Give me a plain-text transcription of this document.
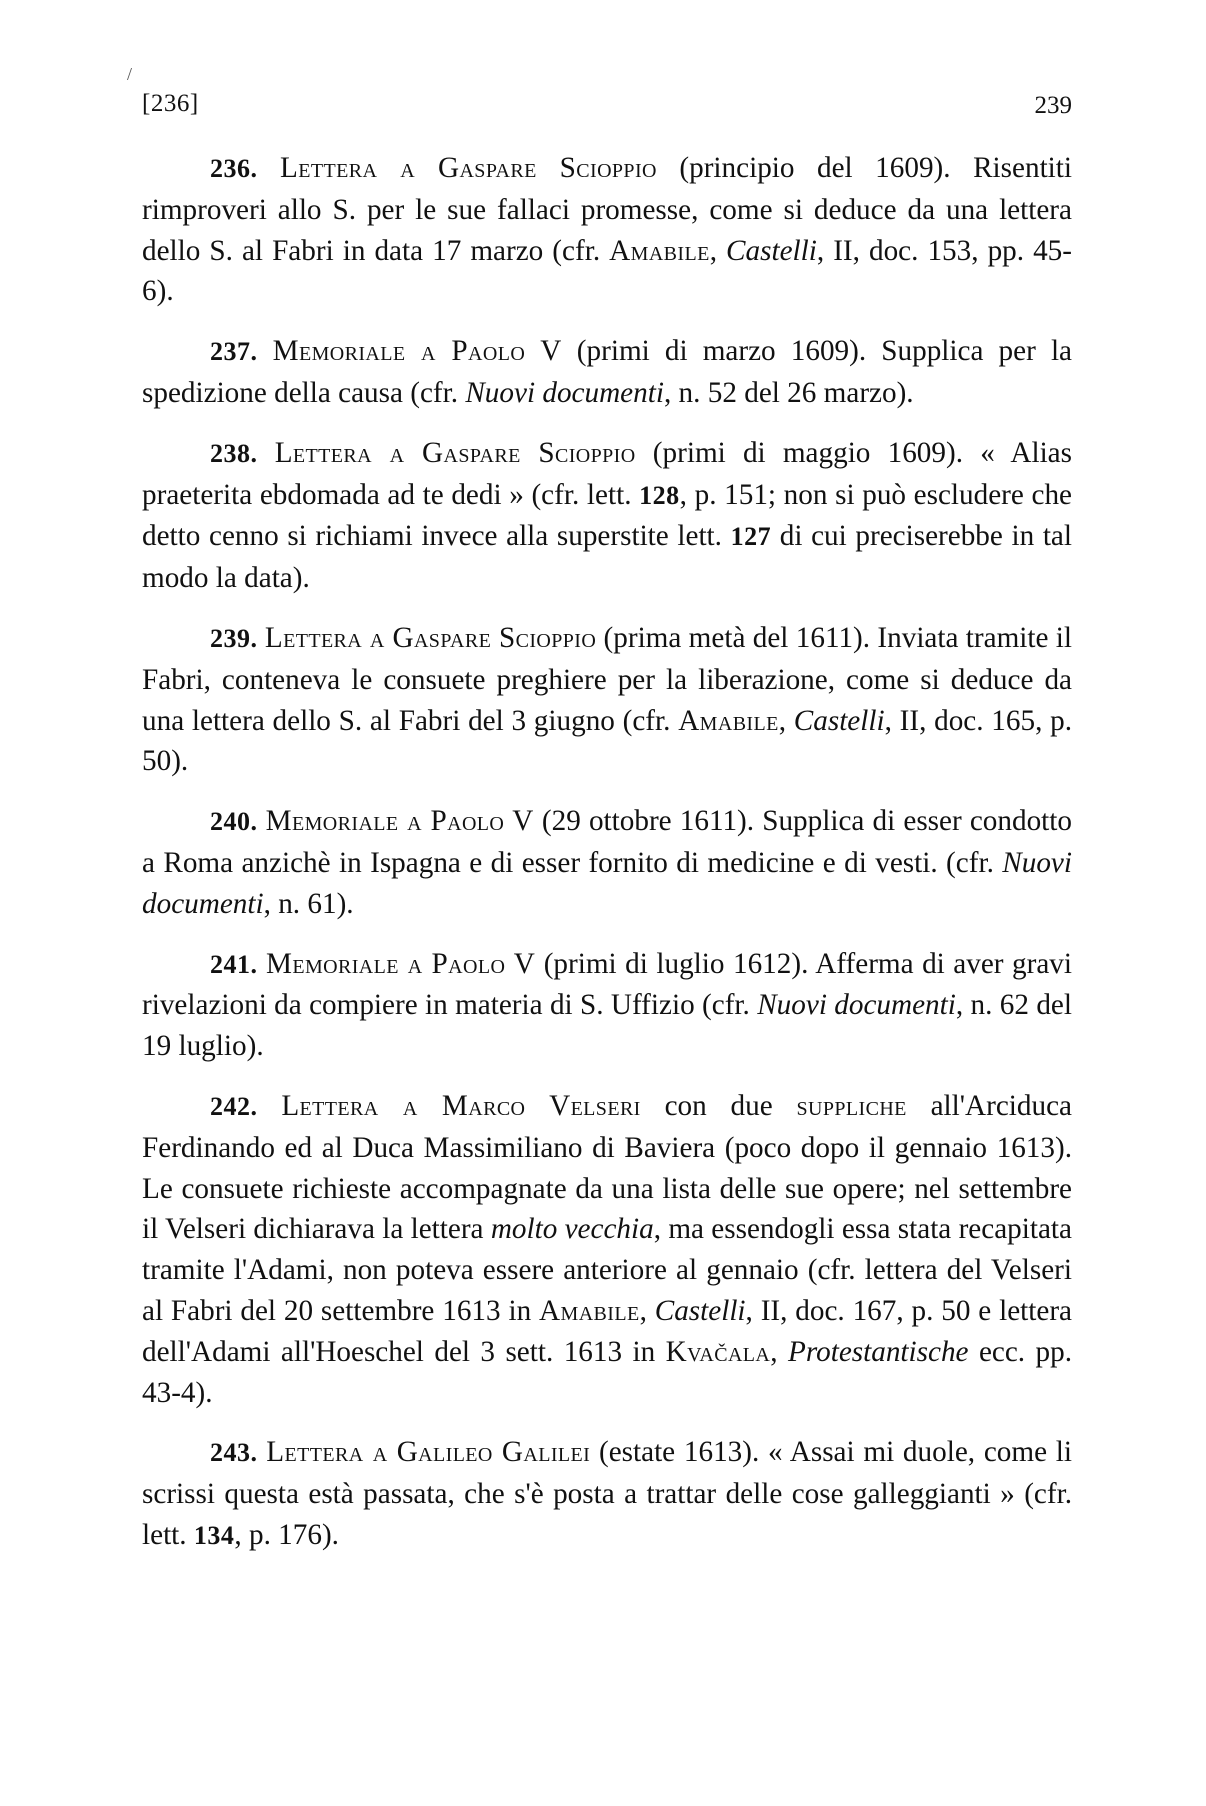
/
[236]	239

236. Lettera a Gaspare Scioppio (principio del 1609). Risentiti rimproveri allo S. per le sue fallaci promesse, come si deduce da una lettera dello S. al Fabri in data 17 marzo (cfr. Amabile, Castelli, II, doc. 153, pp. 45-6).

237. Memoriale a Paolo V (primi di marzo 1609). Supplica per la spedizione della causa (cfr. Nuovi documenti, n. 52 del 26 marzo).

238. Lettera a Gaspare Scioppio (primi di maggio 1609). « Alias praeterita ebdomada ad te dedi » (cfr. lett. 128, p. 151; non si può escludere che detto cenno si richiami invece alla superstite lett. 127 di cui preciserebbe in tal modo la data).

239. Lettera a Gaspare Scioppio (prima metà del 1611). Inviata tramite il Fabri, conteneva le consuete preghiere per la liberazione, come si deduce da una lettera dello S. al Fabri del 3 giugno (cfr. Amabile, Castelli, II, doc. 165, p. 50).

240. Memoriale a Paolo V (29 ottobre 1611). Supplica di esser condotto a Roma anzichè in Ispagna e di esser fornito di medicine e di vesti. (cfr. Nuovi documenti, n. 61).

241. Memoriale a Paolo V (primi di luglio 1612). Afferma di aver gravi rivelazioni da compiere in materia di S. Uffizio (cfr. Nuovi documenti, n. 62 del 19 luglio).

242. Lettera a Marco Velseri con due suppliche all'Arciduca Ferdinando ed al Duca Massimiliano di Baviera (poco dopo il gennaio 1613). Le consuete richieste accompagnate da una lista delle sue opere; nel settembre il Velseri dichiarava la lettera molto vecchia, ma essendogli essa stata recapitata tramite l'Adami, non poteva essere anteriore al gennaio (cfr. lettera del Velseri al Fabri del 20 settembre 1613 in Amabile, Castelli, II, doc. 167, p. 50 e lettera dell'Adami all'Hoeschel del 3 sett. 1613 in Kvačala, Protestantische ecc. pp. 43-4).

243. Lettera a Galileo Galilei (estate 1613). « Assai mi duole, come li scrissi questa està passata, che s'è posta a trattar delle cose galleggianti » (cfr. lett. 134, p. 176).
